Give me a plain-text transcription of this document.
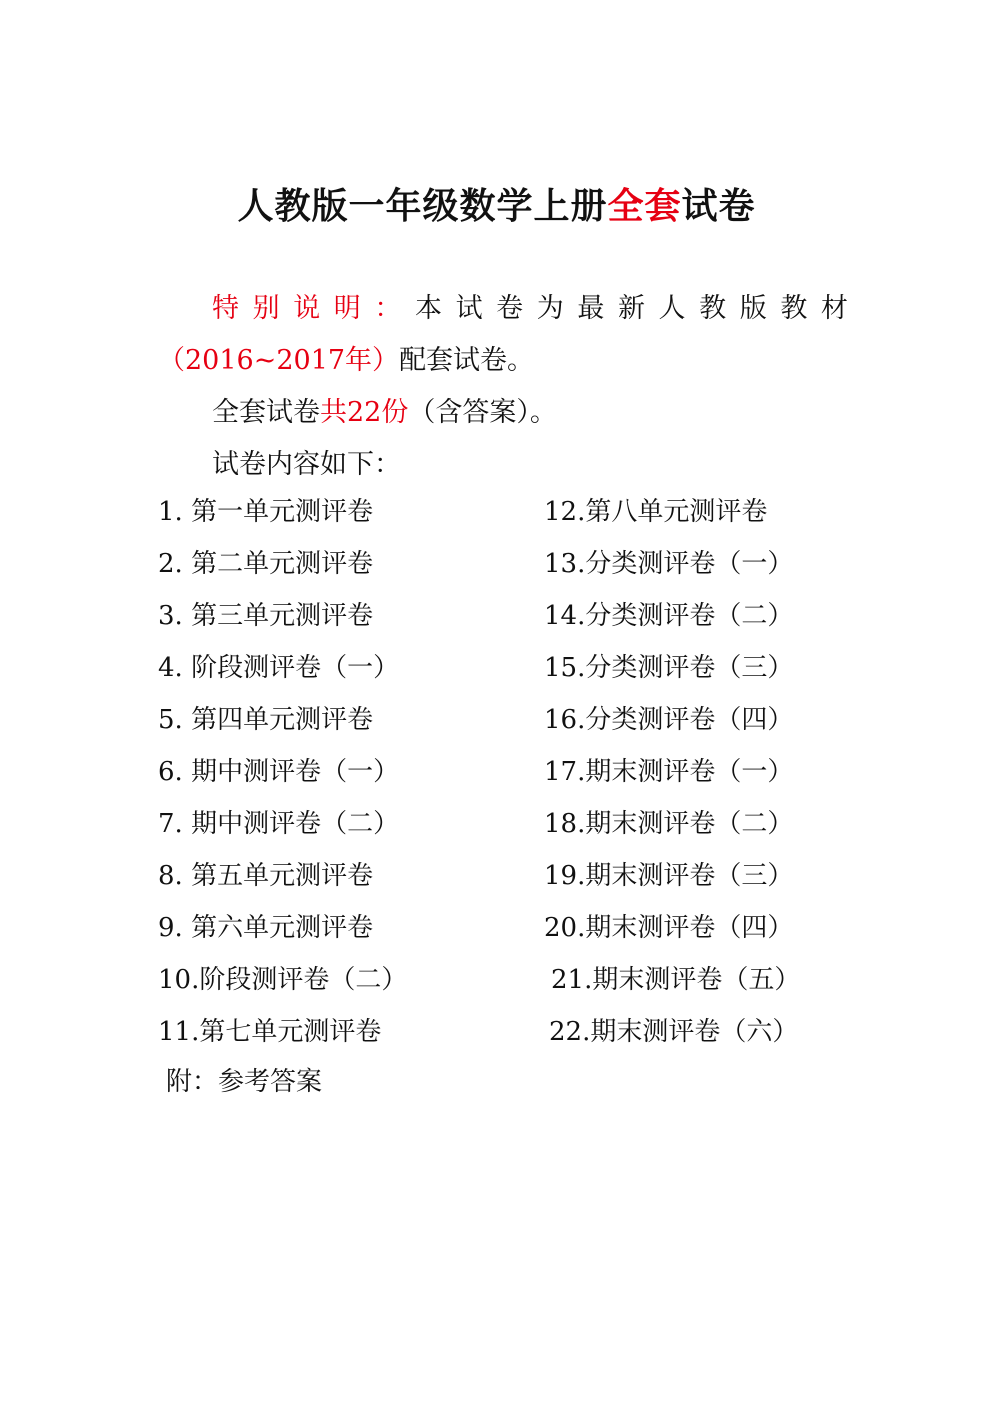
人教版一年级数学上册全套试卷
特 别 说 明 ： 本 试 卷 为 最 新 人 教 版 教 材
（2016~2017年）配套试卷。
全套试卷共22份（含答案）。
试卷内容如下：
1. 第一单元测评卷
2. 第二单元测评卷
3. 第三单元测评卷
4. 阶段测评卷（一）
5. 第四单元测评卷
6. 期中测评卷（一）
7. 期中测评卷（二）
8. 第五单元测评卷
9. 第六单元测评卷
10.阶段测评卷（二）
11.第七单元测评卷
12.第八单元测评卷
13.分类测评卷（一）
14.分类测评卷（二）
15.分类测评卷（三）
16.分类测评卷（四）
17.期末测评卷（一）
18.期末测评卷（二）
19.期末测评卷（三）
20.期末测评卷（四）
21.期末测评卷（五）
22.期末测评卷（六）
附：参考答案
